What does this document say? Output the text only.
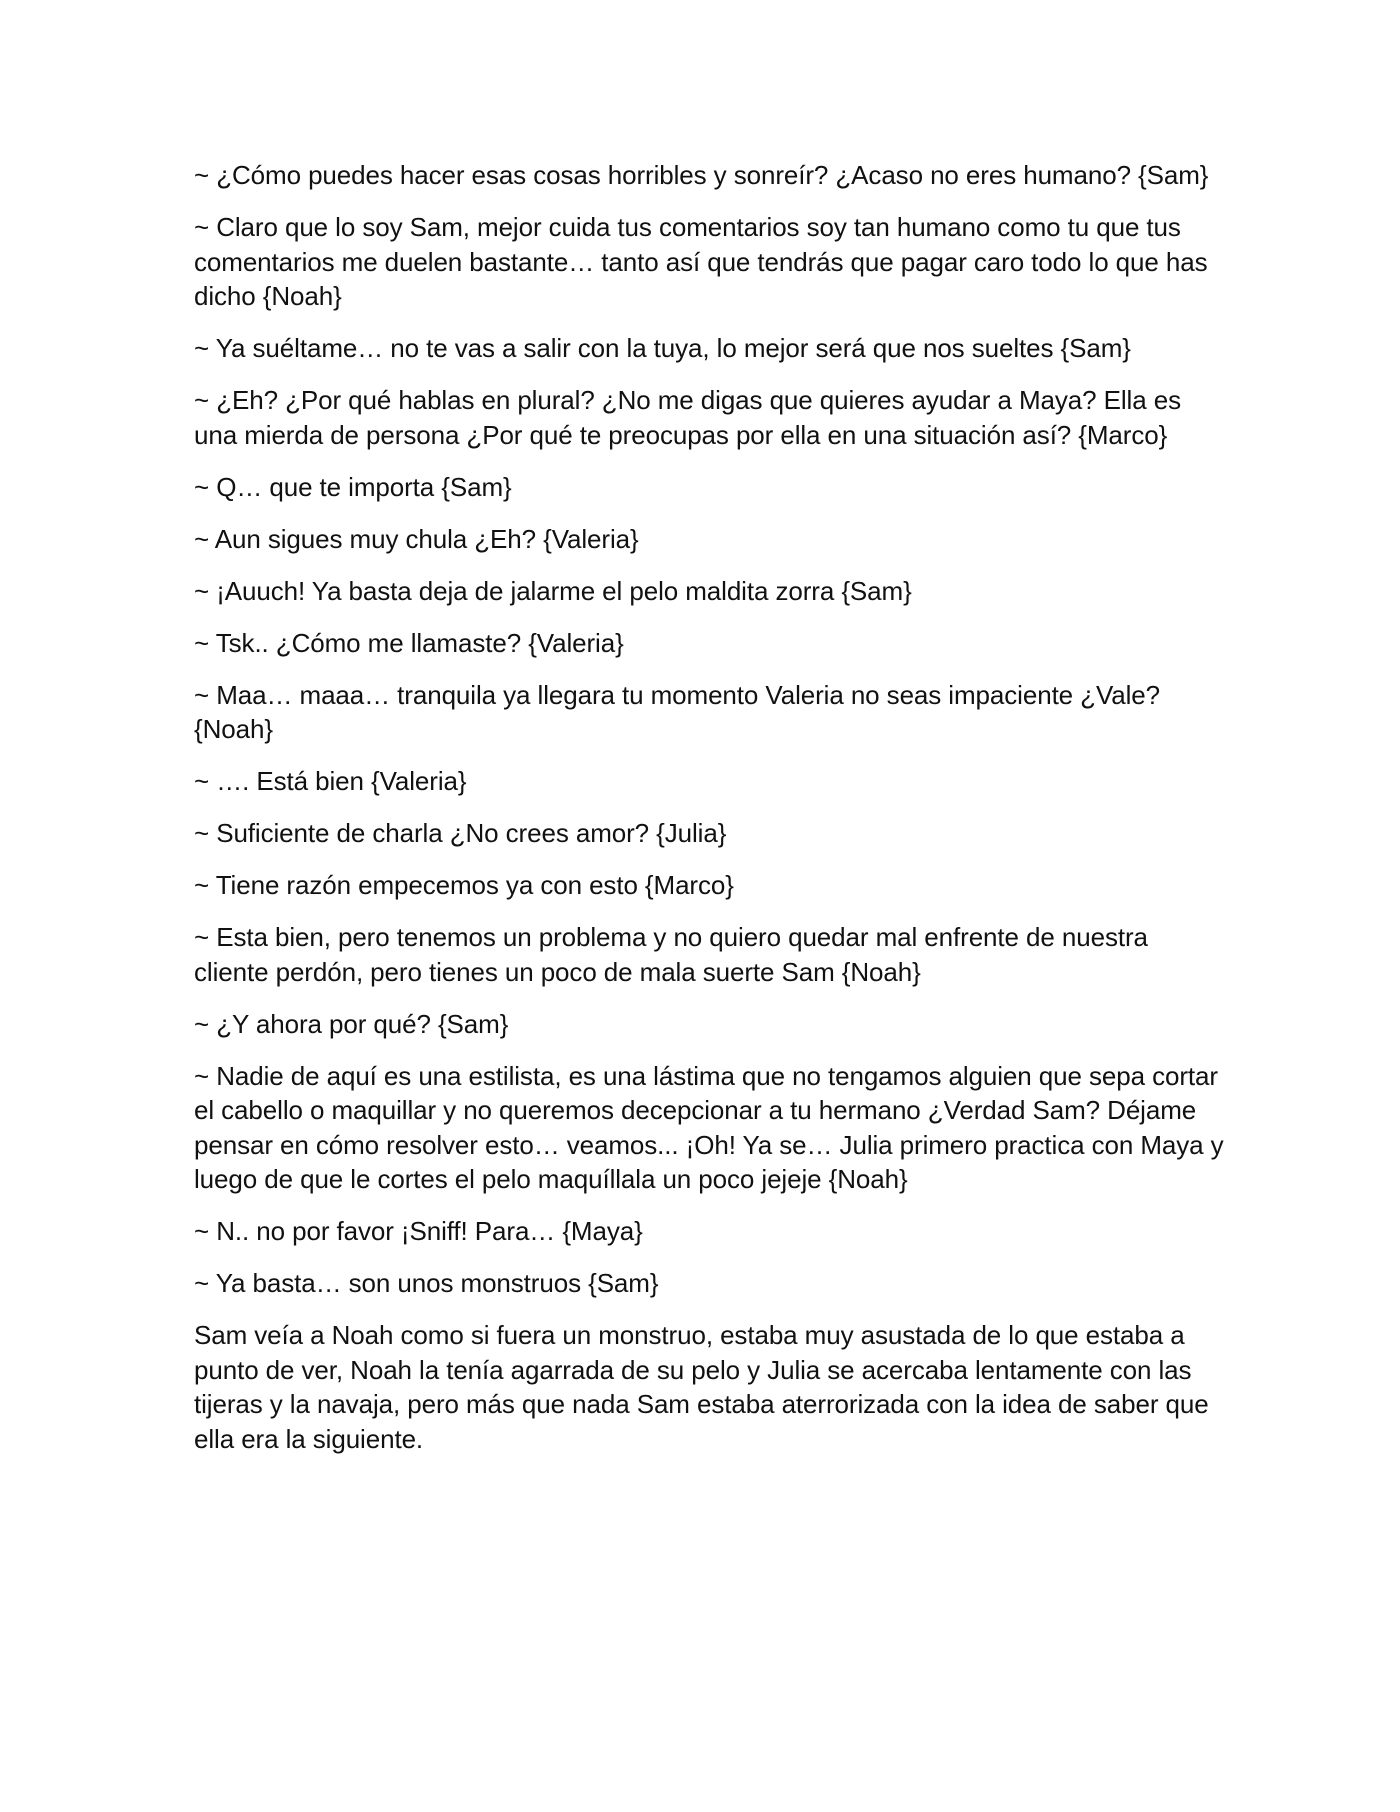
~ ¿Cómo puedes hacer esas cosas horribles y sonreír? ¿Acaso no eres humano? {Sam}

~ Claro que lo soy Sam, mejor cuida tus comentarios soy tan humano como tu que tus comentarios me duelen bastante… tanto así que tendrás que pagar caro todo lo que has dicho {Noah}

~ Ya suéltame… no te vas a salir con la tuya, lo mejor será que nos sueltes {Sam}

~ ¿Eh? ¿Por qué hablas en plural? ¿No me digas que quieres ayudar a Maya? Ella es una mierda de persona ¿Por qué te preocupas por ella en una situación así? {Marco}

~ Q… que te importa {Sam}

~ Aun sigues muy chula ¿Eh? {Valeria}

~ ¡Auuch! Ya basta deja de jalarme el pelo maldita zorra {Sam}

~ Tsk.. ¿Cómo me llamaste? {Valeria}

~ Maa… maaa… tranquila ya llegara tu momento Valeria no seas impaciente ¿Vale? {Noah}

~ …. Está bien {Valeria}

~ Suficiente de charla ¿No crees amor? {Julia}

~ Tiene razón empecemos ya con esto {Marco}

~ Esta bien, pero tenemos un problema y no quiero quedar mal enfrente de nuestra cliente perdón, pero tienes un poco de mala suerte Sam {Noah}

~ ¿Y ahora por qué? {Sam}

~ Nadie de aquí es una estilista, es una lástima que no tengamos alguien que sepa cortar el cabello o maquillar y no queremos decepcionar a tu hermano ¿Verdad Sam? Déjame pensar en cómo resolver esto… veamos... ¡Oh! Ya se… Julia primero practica con Maya y luego de que le cortes el pelo maquíllala un poco jejeje {Noah}

~ N.. no por favor ¡Sniff! Para… {Maya}

~ Ya basta… son unos monstruos {Sam}

Sam veía a Noah como si fuera un monstruo, estaba muy asustada de lo que estaba a punto de ver, Noah la tenía agarrada de su pelo y Julia se acercaba lentamente con las tijeras y la navaja, pero más que nada Sam estaba aterrorizada con la idea de saber que ella era la siguiente.
